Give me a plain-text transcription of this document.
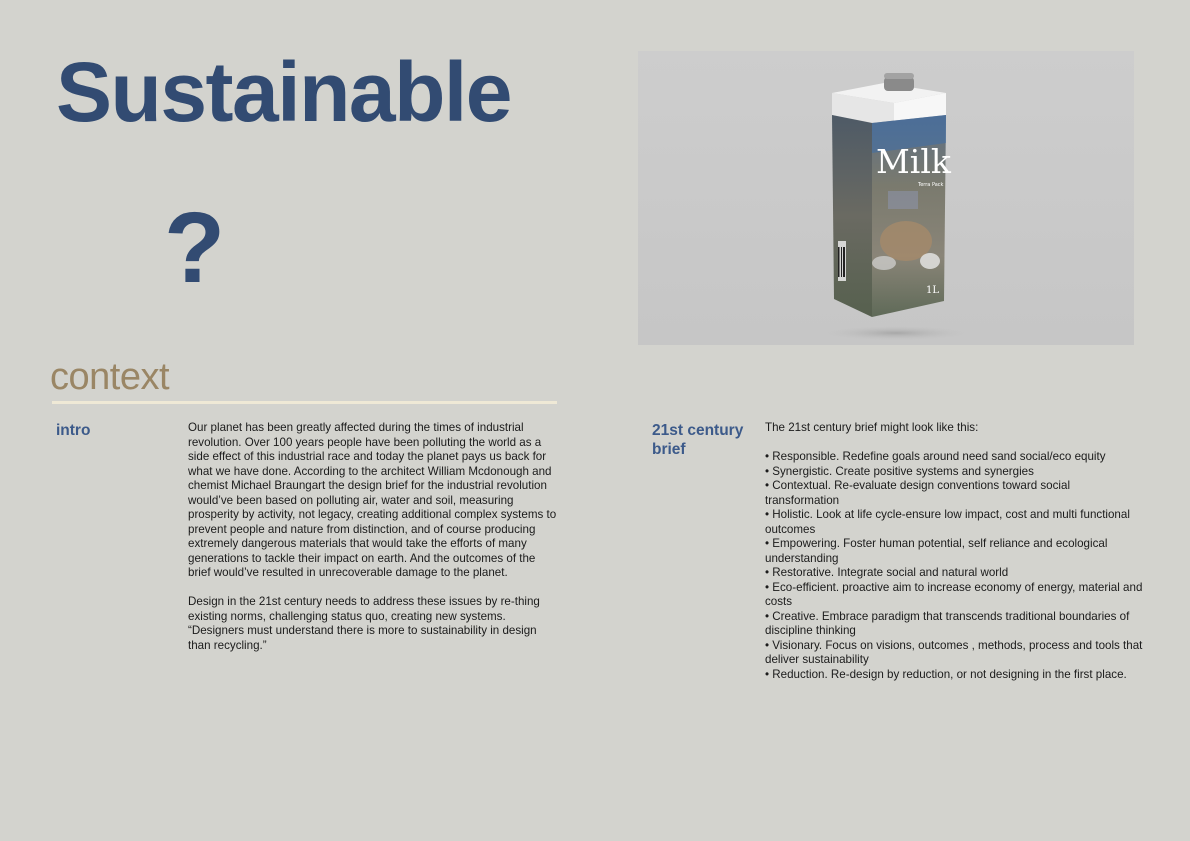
Sustainable
?
Milk
Terra Pack
1L
context
intro	Our planet has been greatly affected during the times of industrial revolution. Over 100 years people have been polluting the world as a side effect of this industrial race and today the planet pays us back for what we have done. According to the architect William Mcdonough and chemist Michael Braungart the design brief for the industrial revolution would’ve been based on polluting air, water and soil, measuring prosperity by activity, not legacy, creating additional complex systems to prevent people and nature from distinction, and of course producing extremely dangerous materials that would take the efforts of many generations to tackle their impact on earth. And the outcomes of the brief would’ve resulted in unrecoverable damage to the planet.

Design in the 21st century needs to address these issues by re-thing existing norms, challenging status quo, creating new systems. “Designers must understand there is more to sustainability in design than recycling.”

21st century brief

The 21st century brief might look like this:

• Responsible. Redefine goals around need sand social/eco equity
• Synergistic. Create positive systems and synergies
• Contextual. Re-evaluate design conventions toward social transformation
• Holistic. Look at life cycle-ensure low impact, cost and multi functional outcomes
• Empowering. Foster human potential, self reliance and ecological understanding
• Restorative. Integrate social and natural world
• Eco-efficient. proactive aim to increase economy of energy, material and costs
• Creative. Embrace paradigm that transcends traditional boundaries of discipline thinking
• Visionary. Focus on visions, outcomes , methods, process and tools that deliver sustainability
• Reduction. Re-design by reduction, or not designing in the first place.
